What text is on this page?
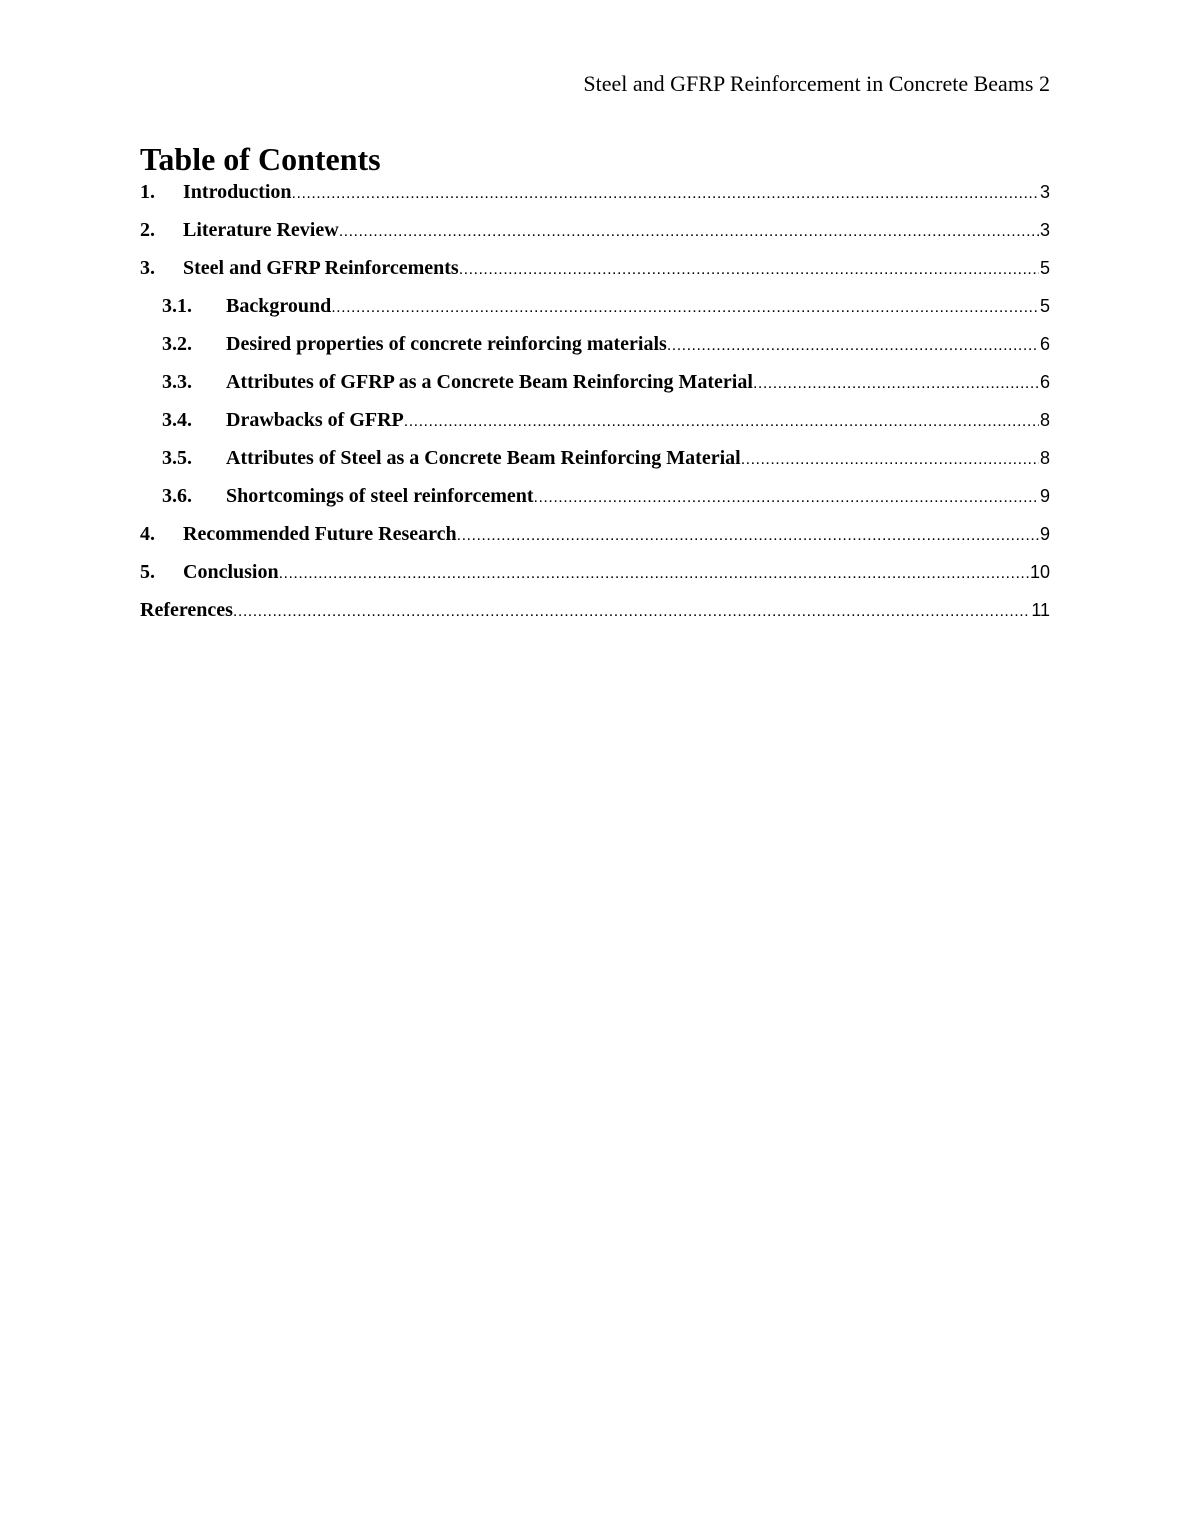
Steel and GFRP Reinforcement in Concrete Beams 2
Table of Contents
1.	Introduction .....	3
2.	Literature Review .....	3
3.	Steel and GFRP Reinforcements .....	5
3.1.	Background .....	5
3.2.	Desired properties of concrete reinforcing materials .....	6
3.3.	Attributes of GFRP as a Concrete Beam Reinforcing Material .....	6
3.4.	Drawbacks of GFRP .....	8
3.5.	Attributes of Steel as a Concrete Beam Reinforcing Material .....	8
3.6.	Shortcomings of steel reinforcement .....	9
4.	Recommended Future Research .....	9
5.	Conclusion .....	10
References .....	11
